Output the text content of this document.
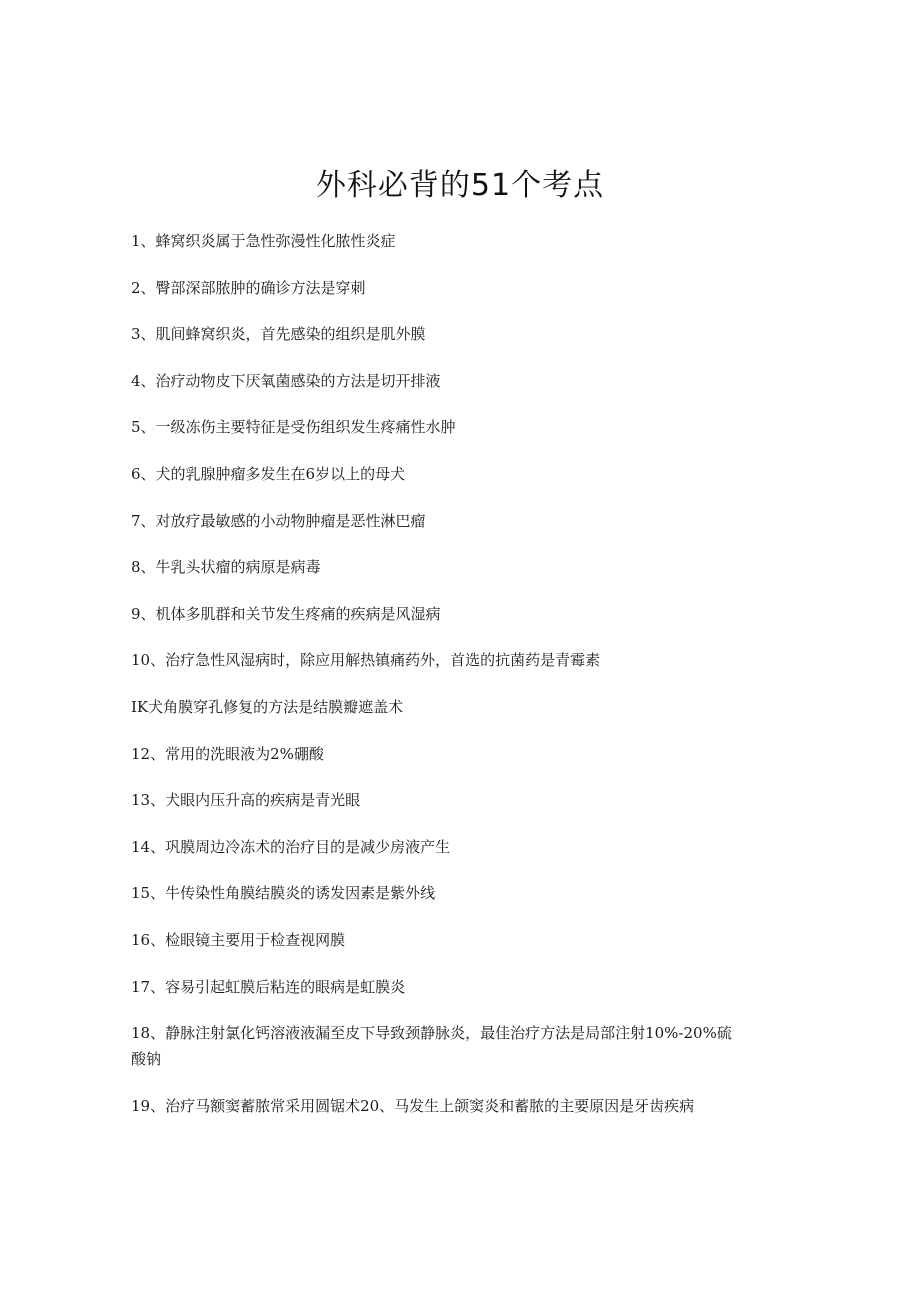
外科必背的51个考点
1、蜂窝织炎属于急性弥漫性化脓性炎症
2、臀部深部脓肿的确诊方法是穿刺
3、肌间蜂窝织炎，首先感染的组织是肌外膜
4、治疗动物皮下厌氧菌感染的方法是切开排液
5、一级冻伤主要特征是受伤组织发生疼痛性水肿
6、犬的乳腺肿瘤多发生在6岁以上的母犬
7、对放疗最敏感的小动物肿瘤是恶性淋巴瘤
8、牛乳头状瘤的病原是病毒
9、机体多肌群和关节发生疼痛的疾病是风湿病
10、治疗急性风湿病时，除应用解热镇痛药外，首选的抗菌药是青霉素
IK犬角膜穿孔修复的方法是结膜瓣遮盖术
12、常用的洗眼液为2%硼酸
13、犬眼内压升高的疾病是青光眼
14、巩膜周边冷冻术的治疗目的是减少房液产生
15、牛传染性角膜结膜炎的诱发因素是紫外线
16、检眼镜主要用于检查视网膜
17、容易引起虹膜后粘连的眼病是虹膜炎
18、静脉注射氯化钙溶液液漏至皮下导致颈静脉炎，最佳治疗方法是局部注射10%-20%硫酸钠
19、治疗马额窦蓄脓常采用圆锯术20、马发生上颌窦炎和蓄脓的主要原因是牙齿疾病
